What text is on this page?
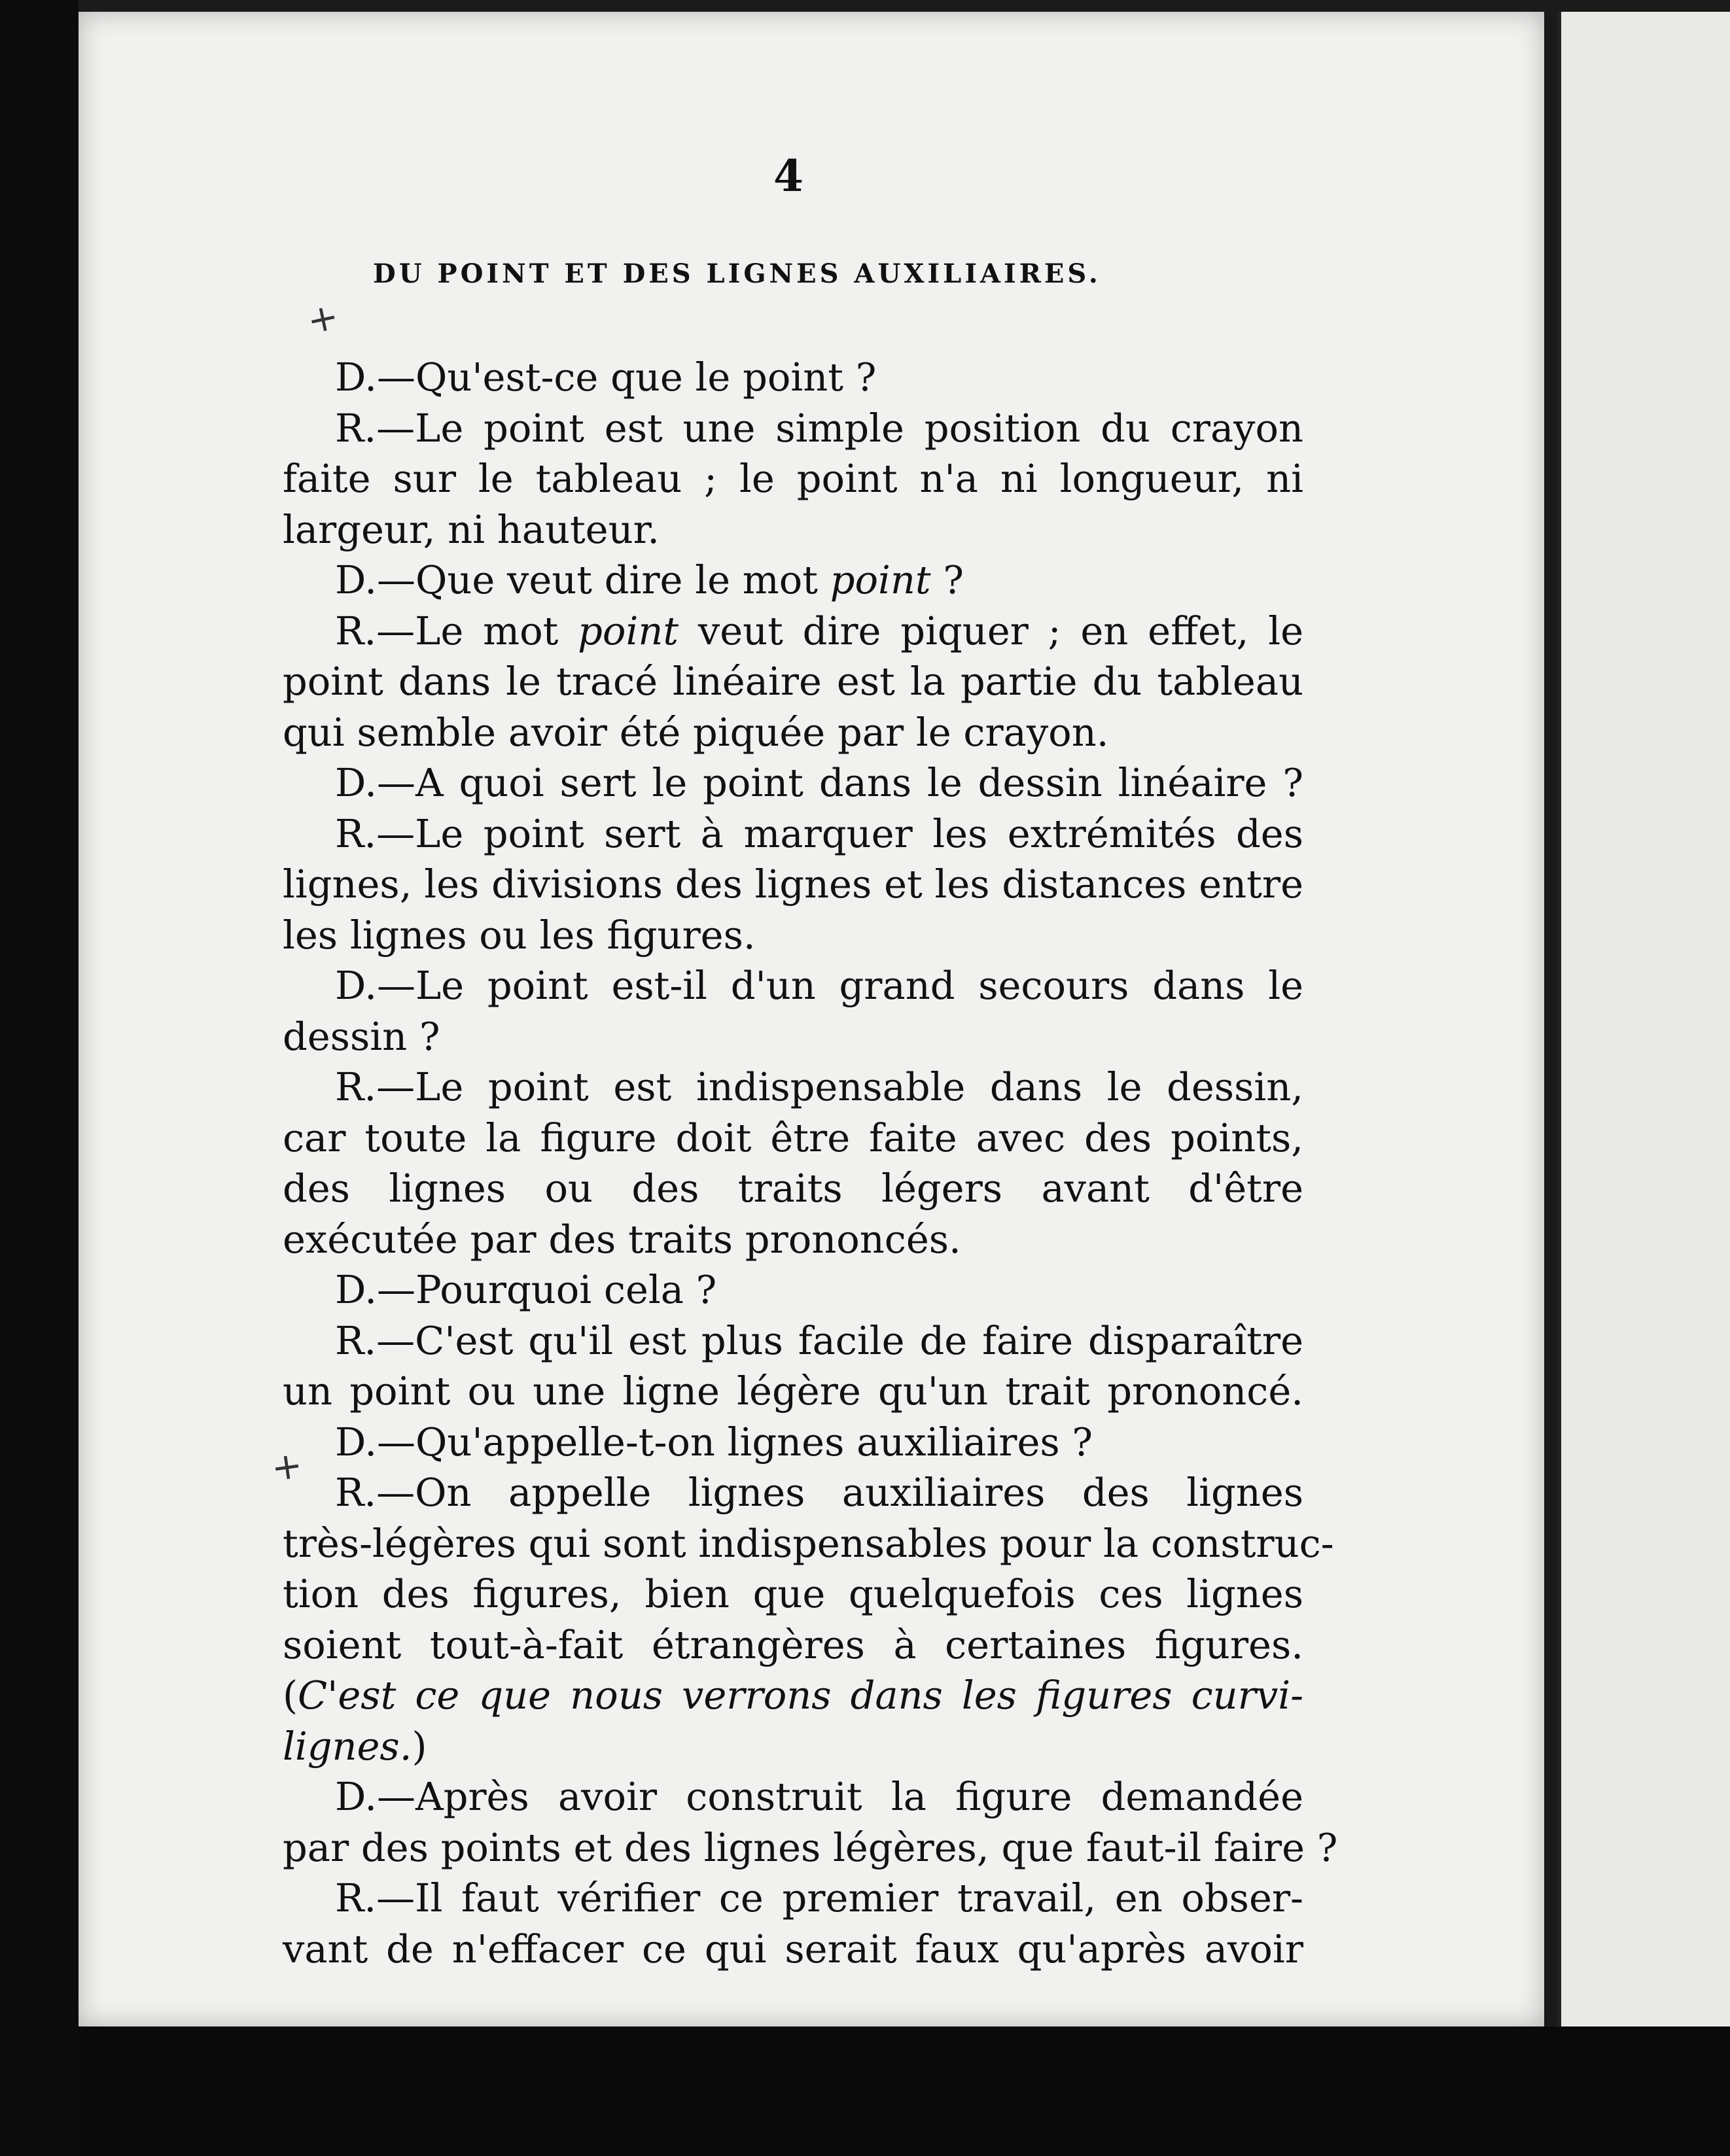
4
DU POINT ET DES LIGNES AUXILIAIRES.
+
+
D.—Qu'est-ce que le point ?
R.—Le point est une simple position du crayon
faite sur le tableau ; le point n'a ni longueur, ni
largeur, ni hauteur.
D.—Que veut dire le mot point ?
R.—Le mot point veut dire piquer ; en effet, le
point dans le tracé linéaire est la partie du tableau
qui semble avoir été piquée par le crayon.
D.—A quoi sert le point dans le dessin linéaire ?
R.—Le point sert à marquer les extrémités des
lignes, les divisions des lignes et les distances entre
les lignes ou les figures.
D.—Le point est-il d'un grand secours dans le
dessin ?
R.—Le point est indispensable dans le dessin,
car toute la figure doit être faite avec des points,
des lignes ou des traits légers avant d'être
exécutée par des traits prononcés.
D.—Pourquoi cela ?
R.—C'est qu'il est plus facile de faire disparaître
un point ou une ligne légère qu'un trait prononcé.
D.—Qu'appelle-t-on lignes auxiliaires ?
R.—On appelle lignes auxiliaires des lignes
très-légères qui sont indispensables pour la construc-
tion des figures, bien que quelquefois ces lignes
soient tout-à-fait étrangères à certaines figures.
(C'est ce que nous verrons dans les figures curvi-
lignes.)
D.—Après avoir construit la figure demandée
par des points et des lignes légères, que faut-il faire ?
R.—Il faut vérifier ce premier travail, en obser-
vant de n'effacer ce qui serait faux qu'après avoir
